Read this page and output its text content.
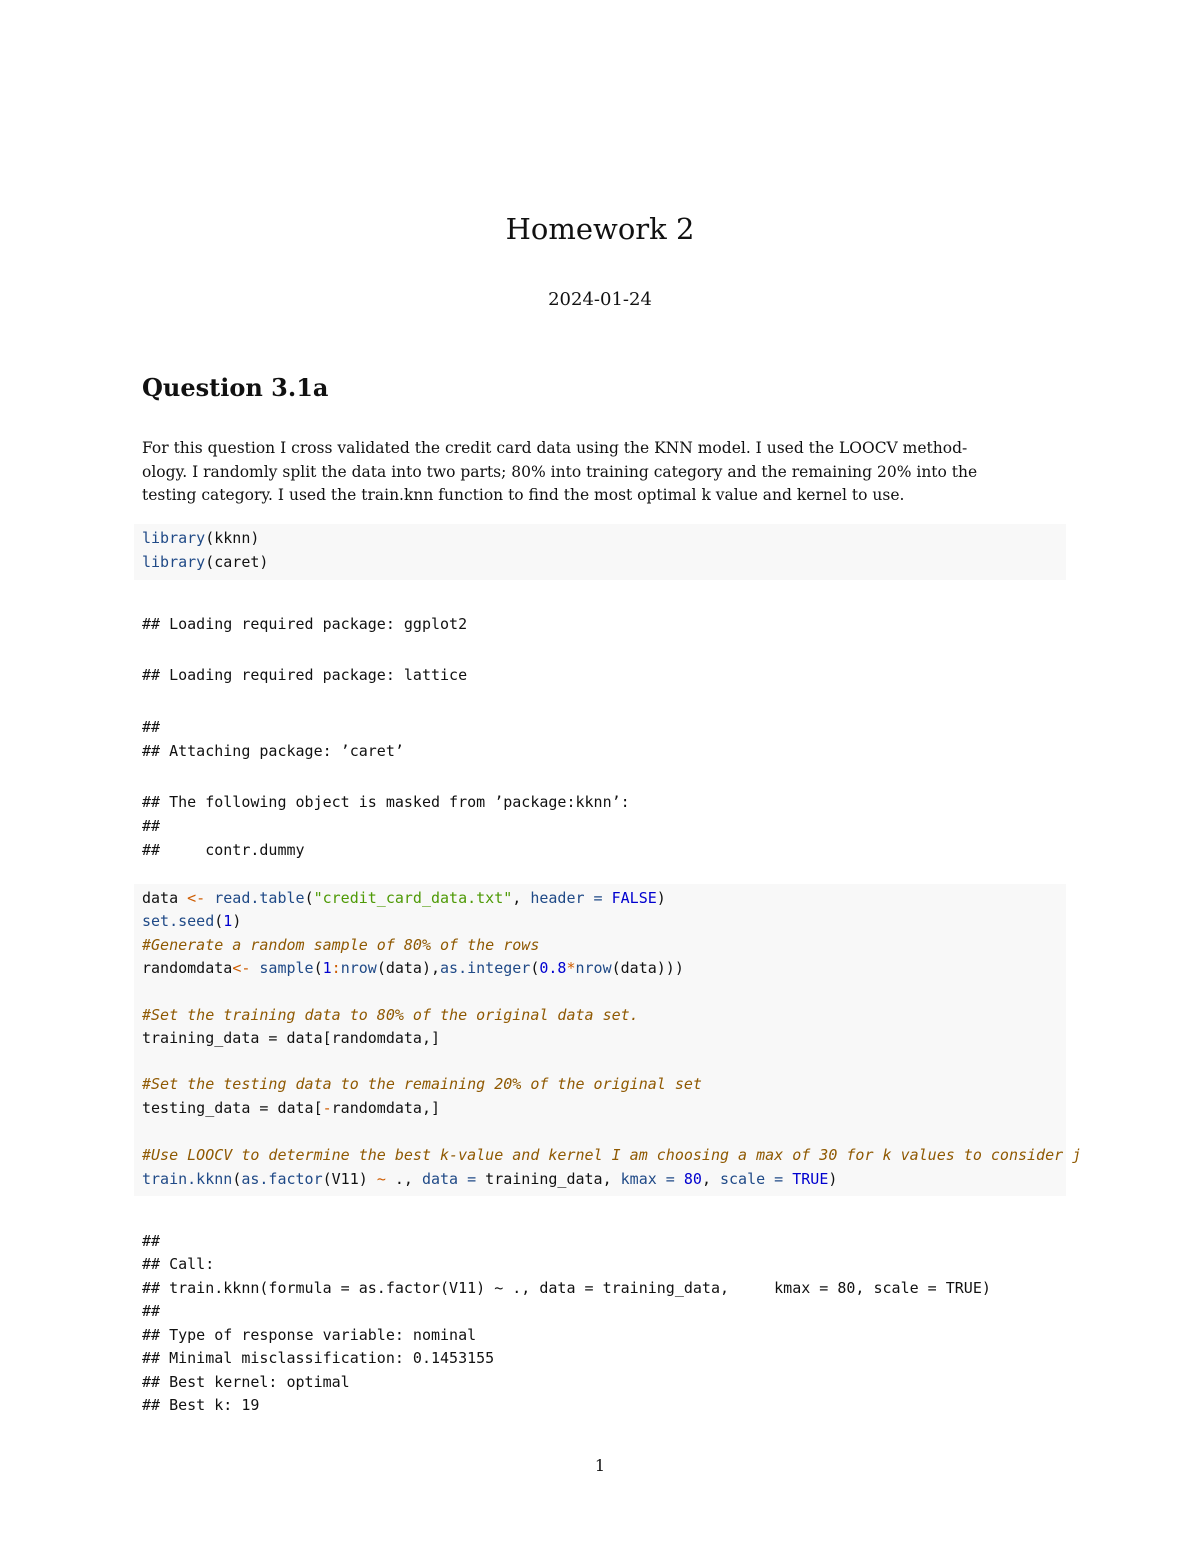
Homework 2
2024-01-24
Question 3.1a
For this question I cross validated the credit card data using the KNN model. I used the LOOCV method-
ology. I randomly split the data into two parts; 80% into training category and the remaining 20% into the
testing category. I used the train.knn function to find the most optimal k value and kernel to use.

library(kknn)

library(caret)

## Loading required package: ggplot2

## Loading required package: lattice

##

## Attaching package: ’caret’

## The following object is masked from ’package:kknn’:

##

##     contr.dummy

data <- read.table("credit_card_data.txt", header = FALSE)

set.seed(1)

#Generate a random sample of 80% of the rows

randomdata<- sample(1:nrow(data),as.integer(0.8*nrow(data)))

#Set the training data to 80% of the original data set.

training_data = data[randomdata,]

#Set the testing data to the remaining 20% of the original set

testing_data = data[-randomdata,]

#Use LOOCV to determine the best k-value and kernel I am choosing a max of 30 for k values to consider j

train.kknn(as.factor(V11) ~ ., data = training_data, kmax = 80, scale = TRUE)

##

## Call:

## train.kknn(formula = as.factor(V11) ~ ., data = training_data,     kmax = 80, scale = TRUE)

##

## Type of response variable: nominal

## Minimal misclassification: 0.1453155

## Best kernel: optimal

## Best k: 19

1
